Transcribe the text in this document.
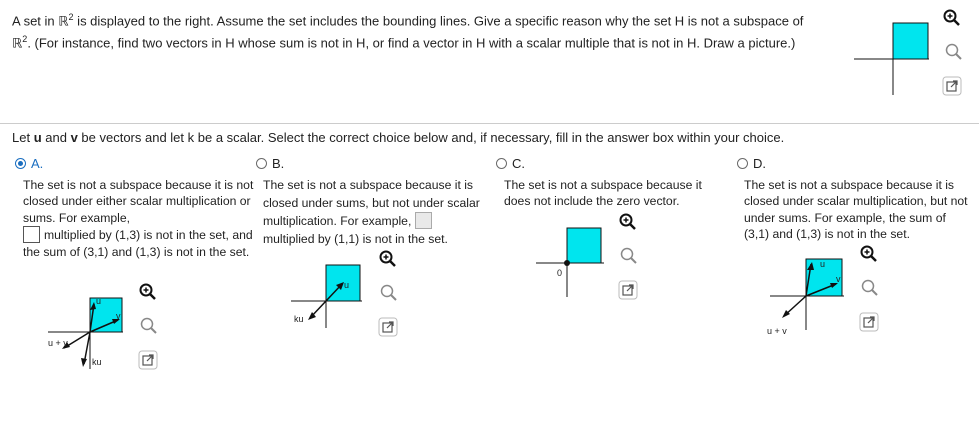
A set in ℝ$^2$ is displayed to the right. Assume the set includes the bounding lines. Give a specific reason why the set H is not a subspace of
ℝ$^2$. (For instance, find two vectors in H whose sum is not in H, or find a vector in H with a scalar multiple that is not in H. Draw a picture.)
Let u and v be vectors and let k be a scalar. Select the correct choice below and, if necessary, fill in the answer box within your choice.
A.
The set is not a subspace because it is not closed under either scalar multiplication or sums. For example,
multiplied by (1,3) is not in the set, and the sum of (3,1) and (1,3) is not in the set.
u
v
u + v
ku
B.
The set is not a subspace because it is closed under sums, but not under scalar multiplication. For example,
multiplied by (1,1) is not in the set.
u
ku
C.
The set is not a subspace because it does not include the zero vector.
0
D.
The set is not a subspace because it is closed under scalar multiplication, but not under sums. For example, the sum of (3,1) and (1,3) is not in the set.
u
v
u + v
